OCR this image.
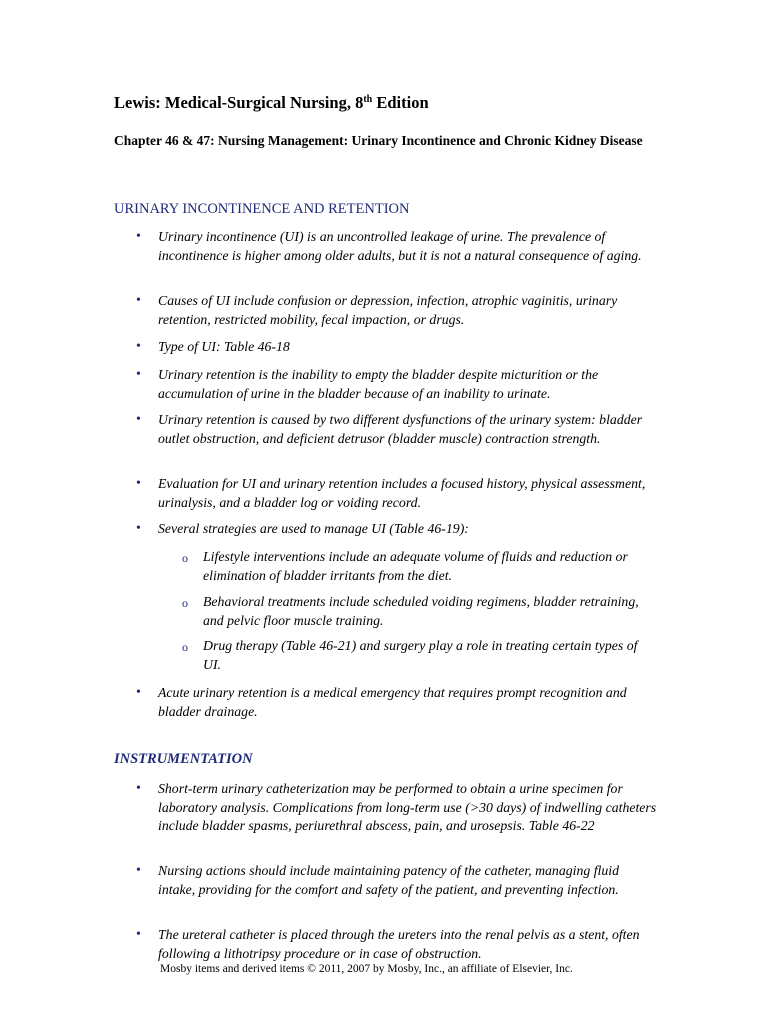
Lewis: Medical-Surgical Nursing, 8th Edition
Chapter 46 & 47: Nursing Management: Urinary Incontinence and Chronic Kidney Disease
URINARY INCONTINENCE AND RETENTION
• Urinary incontinence (UI) is an uncontrolled leakage of urine. The prevalence of incontinence is higher among older adults, but it is not a natural consequence of aging.
• Causes of UI include confusion or depression, infection, atrophic vaginitis, urinary retention, restricted mobility, fecal impaction, or drugs.
• Type of UI: Table 46-18
• Urinary retention is the inability to empty the bladder despite micturition or the accumulation of urine in the bladder because of an inability to urinate.
• Urinary retention is caused by two different dysfunctions of the urinary system: bladder outlet obstruction, and deficient detrusor (bladder muscle) contraction strength.
• Evaluation for UI and urinary retention includes a focused history, physical assessment, urinalysis, and a bladder log or voiding record.
• Several strategies are used to manage UI (Table 46-19):
o Lifestyle interventions include an adequate volume of fluids and reduction or elimination of bladder irritants from the diet.
o Behavioral treatments include scheduled voiding regimens, bladder retraining, and pelvic floor muscle training.
o Drug therapy (Table 46-21) and surgery play a role in treating certain types of UI.
• Acute urinary retention is a medical emergency that requires prompt recognition and bladder drainage.
INSTRUMENTATION
• Short-term urinary catheterization may be performed to obtain a urine specimen for laboratory analysis. Complications from long-term use (>30 days) of indwelling catheters include bladder spasms, periurethral abscess, pain, and urosepsis. Table 46-22
• Nursing actions should include maintaining patency of the catheter, managing fluid intake, providing for the comfort and safety of the patient, and preventing infection.
• The ureteral catheter is placed through the ureters into the renal pelvis as a stent, often following a lithotripsy procedure or in case of obstruction.

Mosby items and derived items © 2011, 2007 by Mosby, Inc., an affiliate of Elsevier, Inc.
